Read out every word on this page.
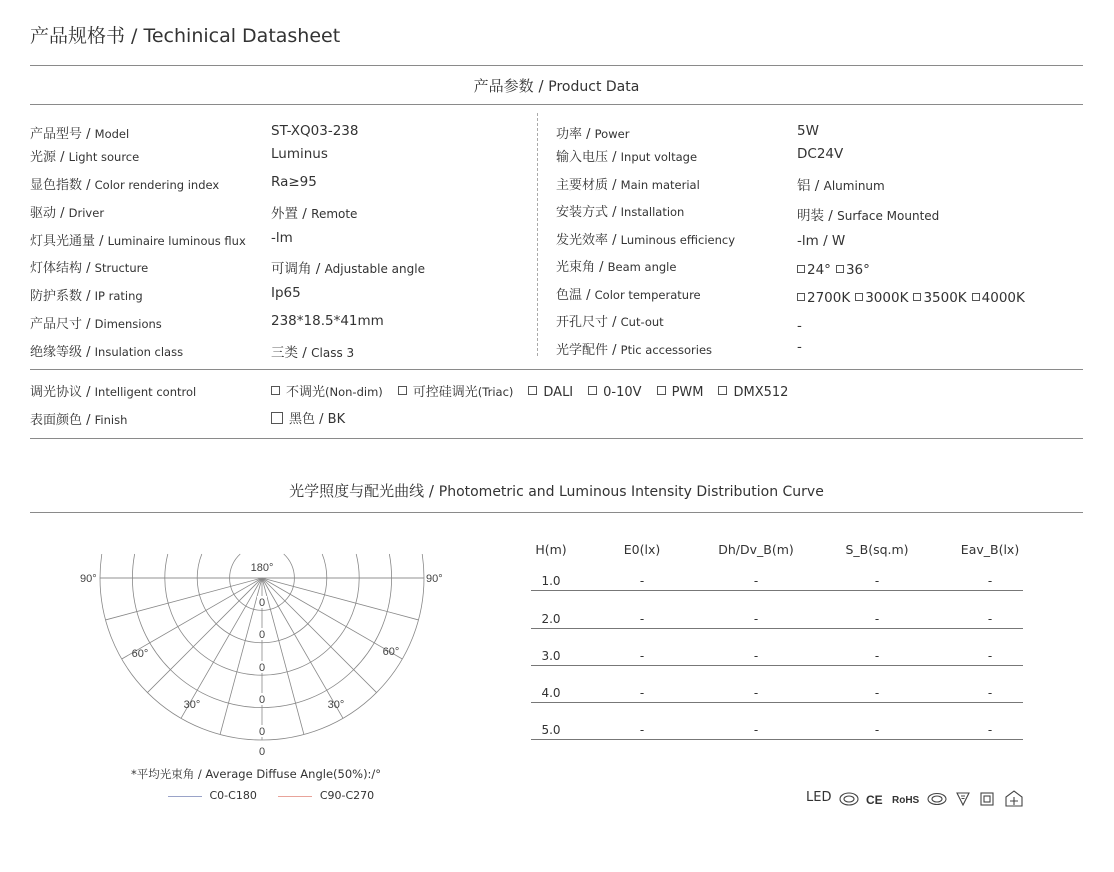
产品规格书 / Techinical Datasheet
产品参数 / Product Data
产品型号 / Model	ST-XQ03-238
光源 / Light source	Luminus
显色指数 / Color rendering index	Ra≥95
驱动 / Driver	外置 / Remote
灯具光通量 / Luminaire luminous flux -lm
灯体结构 / Structure	可调角 / Adjustable angle
防护系数 / IP rating	Ip65
产品尺寸 / Dimensions	238*18.5*41mm
绝缘等级 / Insulation class	三类 / Class 3
功率 / Power	5W
输入电压 / Input voltage	DC24V
主要材质 / Main material	铝 / Aluminum
安装方式 / Installation	明装 / Surface Mounted
发光效率 / Luminous efficiency	-lm / W
光束角 / Beam angle	24° 36°
色温 / Color temperature	2700K 3000K 3500K 4000K
开孔尺寸 / Cut-out	-
光学配件 / Ptic accessories	-
调光协议 / Intelligent control	不调光(Non-dim) 可控硅调光(Triac) DALI 0-10V PWM DMX512
表面颜色 / Finish	黑色 / BK
光学照度与配光曲线 / Photometric and Luminous Intensity Distribution Curve
180°
90°	90°
60°	60°
30°	30°
0
0
0
0
0
0
*平均光束角 / Average Diffuse Angle(50%):/°
C0-C180	C90-C270
H(m)	E0(lx)	Dh/Dv_B(m)	S_B(sq.m)	Eav_B(lx)
1.0	-	-	-	-
2.0	-	-	-	-
3.0	-	-	-	-
4.0	-	-	-	-
5.0	-	-	-	-
LED	CE RoHS
